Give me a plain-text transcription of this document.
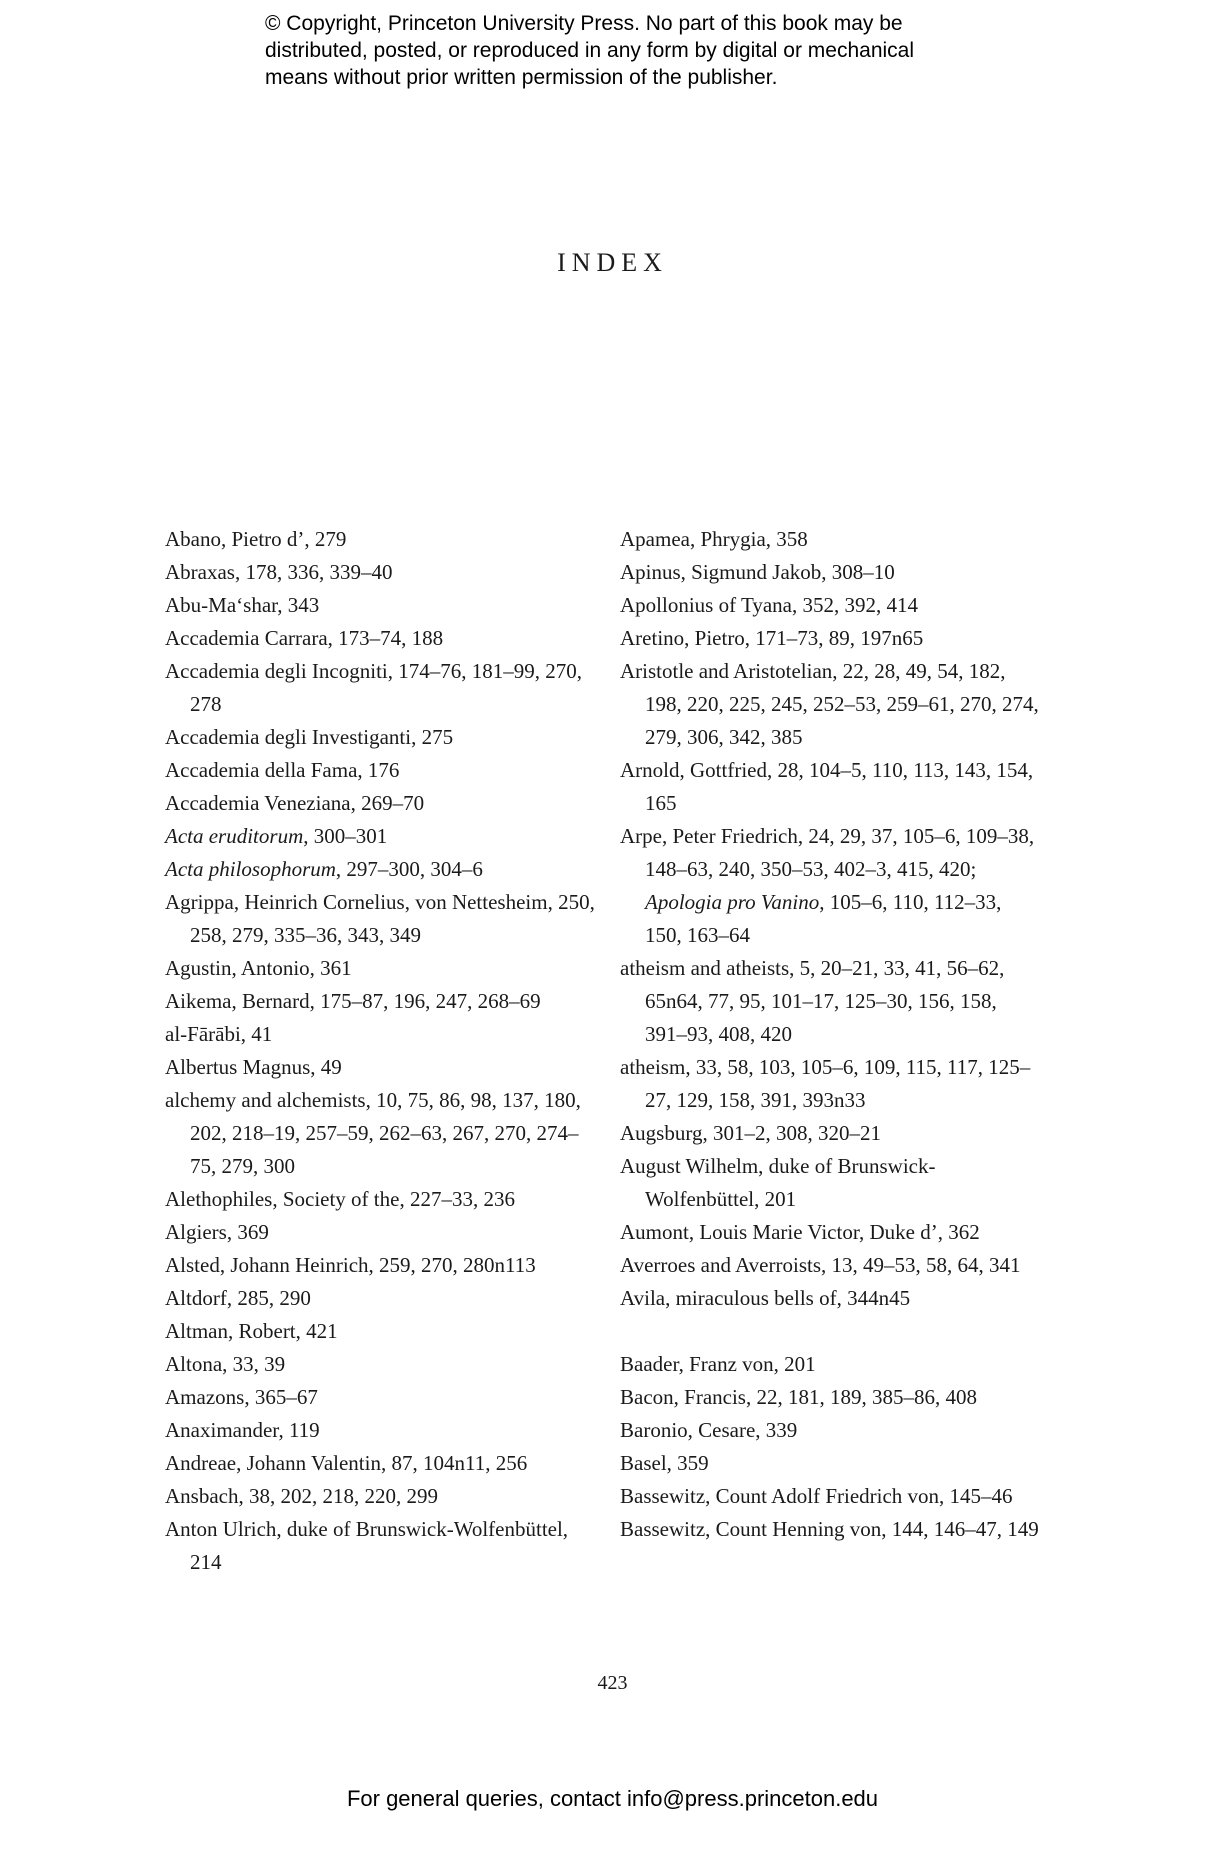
© Copyright, Princeton University Press. No part of this book may be
distributed, posted, or reproduced in any form by digital or mechanical
means without prior written permission of the publisher.
INDEX
Abano, Pietro d’, 279
Abraxas, 178, 336, 339–40
Abu-Ma‘shar, 343
Accademia Carrara, 173–74, 188
Accademia degli Incogniti, 174–76, 181–99, 270, 278
Accademia degli Investiganti, 275
Accademia della Fama, 176
Accademia Veneziana, 269–70
Acta eruditorum, 300–301
Acta philosophorum, 297–300, 304–6
Agrippa, Heinrich Cornelius, von Nettesheim, 250, 258, 279, 335–36, 343, 349
Agustin, Antonio, 361
Aikema, Bernard, 175–87, 196, 247, 268–69
al-Fārābi, 41
Albertus Magnus, 49
alchemy and alchemists, 10, 75, 86, 98, 137, 180, 202, 218–19, 257–59, 262–63, 267, 270, 274–75, 279, 300
Alethophiles, Society of the, 227–33, 236
Algiers, 369
Alsted, Johann Heinrich, 259, 270, 280n113
Altdorf, 285, 290
Altman, Robert, 421
Altona, 33, 39
Amazons, 365–67
Anaximander, 119
Andreae, Johann Valentin, 87, 104n11, 256
Ansbach, 38, 202, 218, 220, 299
Anton Ulrich, duke of Brunswick-Wolfenbüttel, 214
Apamea, Phrygia, 358
Apinus, Sigmund Jakob, 308–10
Apollonius of Tyana, 352, 392, 414
Aretino, Pietro, 171–73, 89, 197n65
Aristotle and Aristotelian, 22, 28, 49, 54, 182, 198, 220, 225, 245, 252–53, 259–61, 270, 274, 279, 306, 342, 385
Arnold, Gottfried, 28, 104–5, 110, 113, 143, 154, 165
Arpe, Peter Friedrich, 24, 29, 37, 105–6, 109–38, 148–63, 240, 350–53, 402–3, 415, 420; Apologia pro Vanino, 105–6, 110, 112–33, 150, 163–64
atheism and atheists, 5, 20–21, 33, 41, 56–62, 65n64, 77, 95, 101–17, 125–30, 156, 158, 391–93, 408, 420
atheism, 33, 58, 103, 105–6, 109, 115, 117, 125–27, 129, 158, 391, 393n33
Augsburg, 301–2, 308, 320–21
August Wilhelm, duke of Brunswick-Wolfenbüttel, 201
Aumont, Louis Marie Victor, Duke d’, 362
Averroes and Averroists, 13, 49–53, 58, 64, 341
Avila, miraculous bells of, 344n45
Baader, Franz von, 201
Bacon, Francis, 22, 181, 189, 385–86, 408
Baronio, Cesare, 339
Basel, 359
Bassewitz, Count Adolf Friedrich von, 145–46
Bassewitz, Count Henning von, 144, 146–47, 149
423
For general queries, contact info@press.princeton.edu
